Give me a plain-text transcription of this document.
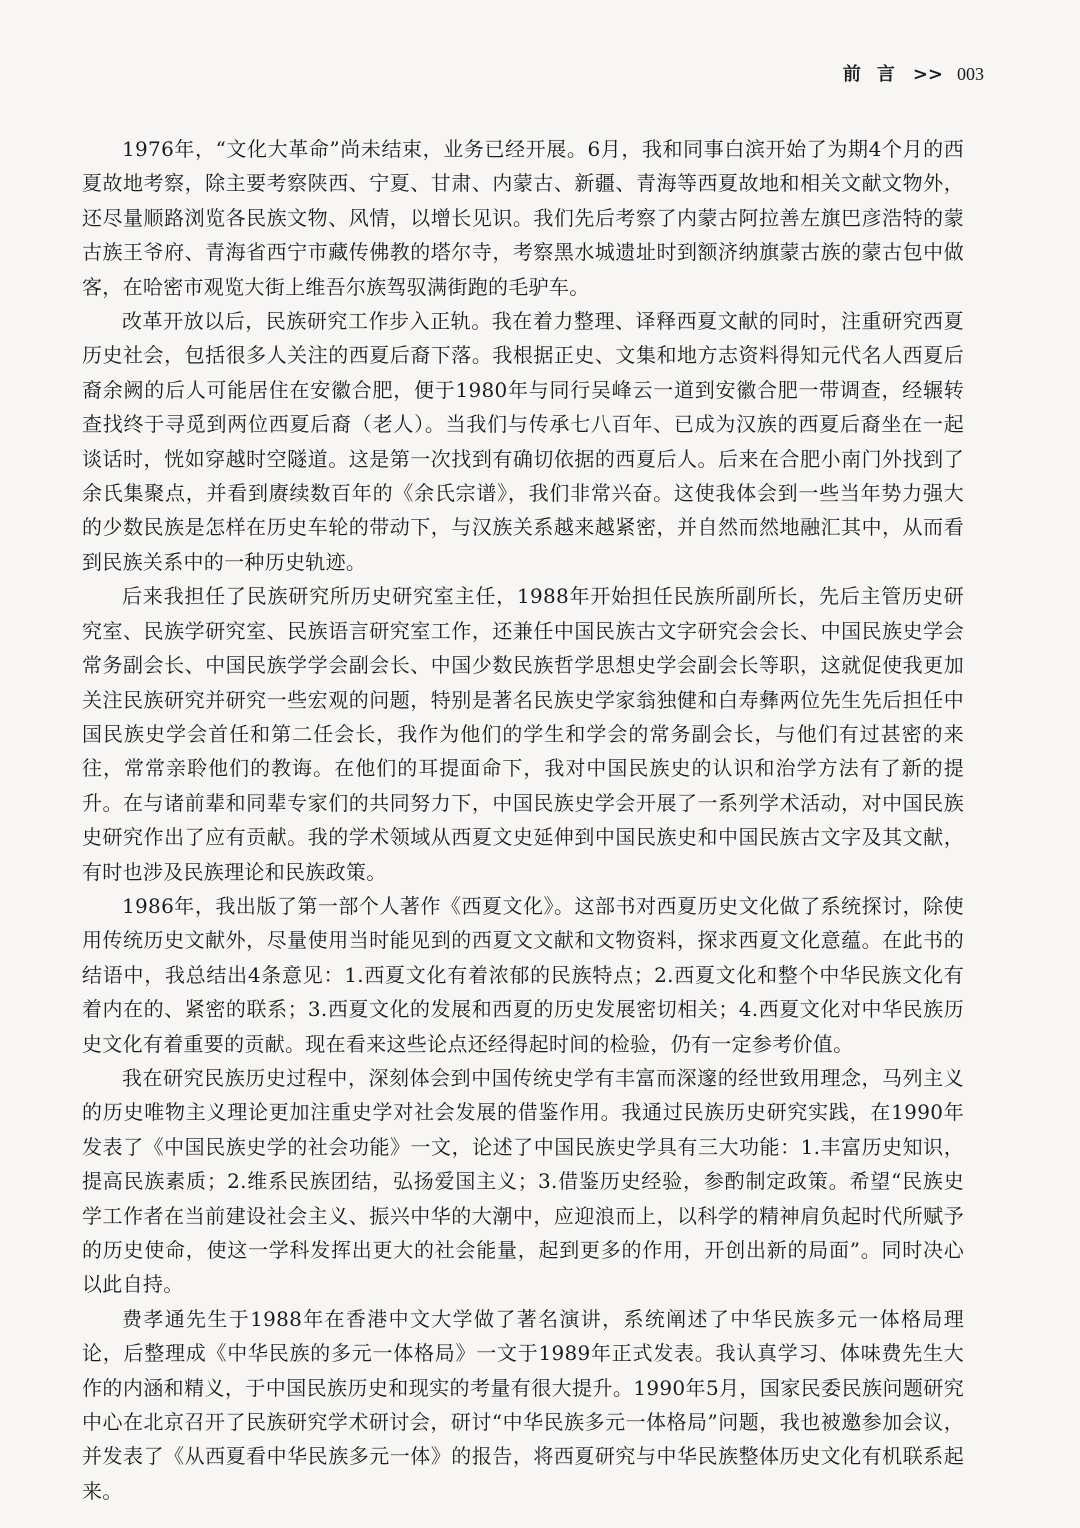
前言 >> 003

1976年，“文化大革命”尚未结束，业务已经开展。6月，我和同事白滨开始了为期4个月的西夏故地考察，除主要考察陕西、宁夏、甘肃、内蒙古、新疆、青海等西夏故地和相关文献文物外，还尽量顺路浏览各民族文物、风情，以增长见识。我们先后考察了内蒙古阿拉善左旗巴彦浩特的蒙古族王爷府、青海省西宁市藏传佛教的塔尔寺，考察黑水城遗址时到额济纳旗蒙古族的蒙古包中做客，在哈密市观览大街上维吾尔族驾驭满街跑的毛驴车。

改革开放以后，民族研究工作步入正轨。我在着力整理、译释西夏文献的同时，注重研究西夏历史社会，包括很多人关注的西夏后裔下落。我根据正史、文集和地方志资料得知元代名人西夏后裔余阙的后人可能居住在安徽合肥，便于1980年与同行吴峰云一道到安徽合肥一带调查，经辗转查找终于寻觅到两位西夏后裔（老人）。当我们与传承七八百年、已成为汉族的西夏后裔坐在一起谈话时，恍如穿越时空隧道。这是第一次找到有确切依据的西夏后人。后来在合肥小南门外找到了余氏集聚点，并看到赓续数百年的《余氏宗谱》，我们非常兴奋。这使我体会到一些当年势力强大的少数民族是怎样在历史车轮的带动下，与汉族关系越来越紧密，并自然而然地融汇其中，从而看到民族关系中的一种历史轨迹。

后来我担任了民族研究所历史研究室主任，1988年开始担任民族所副所长，先后主管历史研究室、民族学研究室、民族语言研究室工作，还兼任中国民族古文字研究会会长、中国民族史学会常务副会长、中国民族学学会副会长、中国少数民族哲学思想史学会副会长等职，这就促使我更加关注民族研究并研究一些宏观的问题，特别是著名民族史学家翁独健和白寿彝两位先生先后担任中国民族史学会首任和第二任会长，我作为他们的学生和学会的常务副会长，与他们有过甚密的来往，常常亲聆他们的教诲。在他们的耳提面命下，我对中国民族史的认识和治学方法有了新的提升。在与诸前辈和同辈专家们的共同努力下，中国民族史学会开展了一系列学术活动，对中国民族史研究作出了应有贡献。我的学术领域从西夏文史延伸到中国民族史和中国民族古文字及其文献，有时也涉及民族理论和民族政策。

1986年，我出版了第一部个人著作《西夏文化》。这部书对西夏历史文化做了系统探讨，除使用传统历史文献外，尽量使用当时能见到的西夏文文献和文物资料，探求西夏文化意蕴。在此书的结语中，我总结出4条意见：1.西夏文化有着浓郁的民族特点；2.西夏文化和整个中华民族文化有着内在的、紧密的联系；3.西夏文化的发展和西夏的历史发展密切相关；4.西夏文化对中华民族历史文化有着重要的贡献。现在看来这些论点还经得起时间的检验，仍有一定参考价值。

我在研究民族历史过程中，深刻体会到中国传统史学有丰富而深邃的经世致用理念，马列主义的历史唯物主义理论更加注重史学对社会发展的借鉴作用。我通过民族历史研究实践，在1990年发表了《中国民族史学的社会功能》一文，论述了中国民族史学具有三大功能：1.丰富历史知识，提高民族素质；2.维系民族团结，弘扬爱国主义；3.借鉴历史经验，参酌制定政策。希望“民族史学工作者在当前建设社会主义、振兴中华的大潮中，应迎浪而上，以科学的精神肩负起时代所赋予的历史使命，使这一学科发挥出更大的社会能量，起到更多的作用，开创出新的局面”。同时决心以此自持。

费孝通先生于1988年在香港中文大学做了著名演讲，系统阐述了中华民族多元一体格局理论，后整理成《中华民族的多元一体格局》一文于1989年正式发表。我认真学习、体味费先生大作的内涵和精义，于中国民族历史和现实的考量有很大提升。1990年5月，国家民委民族问题研究中心在北京召开了民族研究学术研讨会，研讨“中华民族多元一体格局”问题，我也被邀参加会议，并发表了《从西夏看中华民族多元一体》的报告，将西夏研究与中华民族整体历史文化有机联系起来。
